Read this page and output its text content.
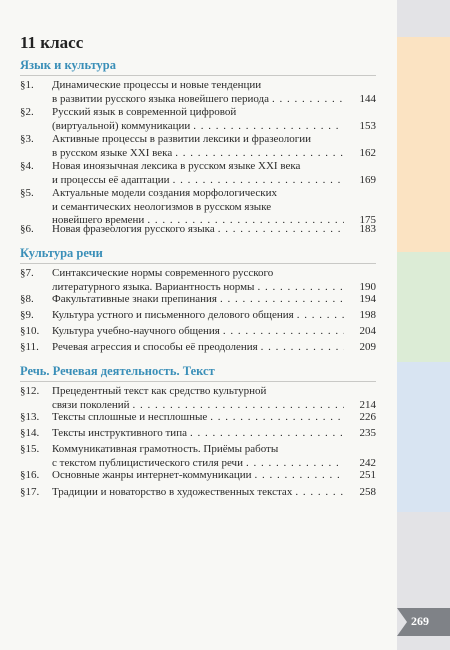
269
11 класс
Язык и культура
§1.	Динамические процессы и новые тенденции
в развитии русского языка новейшего периода . . .	144
§2.	Русский язык в современной цифровой
(виртуальной) коммуникации . . .	153
§3.	Активные процессы в развитии лексики и фразеологии
в русском языке XXI века . . .	162
§4.	Новая иноязычная лексика в русском языке XXI века
и процессы её адаптации . . .	169
§5.	Актуальные модели создания морфологических
и семантических неологизмов в русском языке
новейшего времени . . .	175
§6.	Новая фразеология русского языка . . .	183
Культура речи
§7.	Синтаксические нормы современного русского
литературного языка. Вариантность нормы . . .	190
§8.	Факультативные знаки препинания . . .	194
§9.	Культура устного и письменного делового общения . . .	198
§10.	Культура учебно-научного общения . . .	204
§11.	Речевая агрессия и способы её преодоления . . .	209
Речь. Речевая деятельность. Текст
§12.	Прецедентный текст как средство культурной
связи поколений . . .	214
§13.	Тексты сплошные и несплошные . . .	226
§14.	Тексты инструктивного типа . . .	235
§15.	Коммуникативная грамотность. Приёмы работы
с текстом публицистического стиля речи . . .	242
§16.	Основные жанры интернет-коммуникации . . .	251
§17.	Традиции и новаторство в художественных текстах . . .	258
